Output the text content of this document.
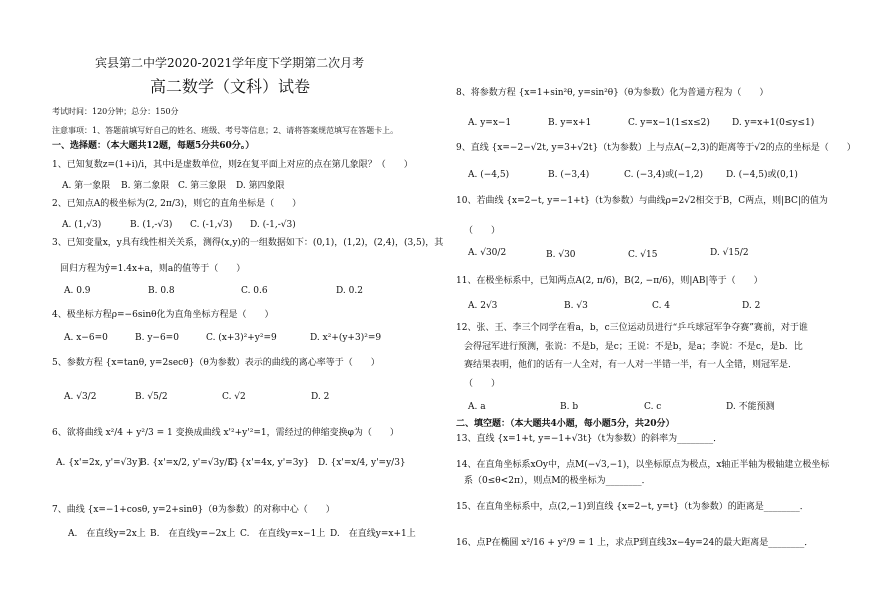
宾县第二中学2020-2021学年度下学期第二次月考
高二数学（文科）试卷
考试时间：120分钟；总分：150分
注意事项：1、答题前填写好自己的姓名、班级、考号等信息；2、请将答案规范填写在答题卡上。
一、选择题：（本大题共12题，每题5分共60分。）
1、已知复数z=(1+i)/i，其中i是虚数单位，则z̄在复平面上对应的点在第几象限？（　　）
A. 第一象限 B. 第二象限 C. 第三象限 D. 第四象限
2、已知点A的极坐标为(2, 2π/3)，则它的直角坐标是（　　）
A. (1,√3)	B. (1,-√3) C. (-1,√3) D. (-1,-√3)
3、已知变量x，y具有线性相关关系，测得(x,y)的一组数据如下：(0,1)，(1,2)，(2,4)，(3,5)，其
回归方程为ŷ=1.4x+a，则a的值等于（　　）
A. 0.9	B. 0.8	C. 0.6	D. 0.2
4、极坐标方程ρ=−6sinθ化为直角坐标方程是（　　）
A. x−6=0	B. y−6=0	C. (x+3)²+y²=9	D. x²+(y+3)²=9
5、参数方程 {x=tanθ, y=2secθ}（θ为参数）表示的曲线的离心率等于（　　）
A. √3/2	B. √5/2	C. √2	D. 2
6、欲将曲线 x²/4 + y²/3 = 1 变换成曲线 x'²+y'²=1，需经过的伸缩变换φ为（　　）
A. {x'=2x, y'=√3y}
B. {x'=x/2, y'=√3y/3}
C. {x'=4x, y'=3y} D. {x'=x/4, y'=y/3}
7、曲线 {x=−1+cosθ, y=2+sinθ}（θ为参数）的对称中心（　　）
A.　在直线y=2x上 B.　在直线y=−2x上 C.　在直线y=x−1上 D.　在直线y=x+1上
8、将参数方程 {x=1+sin²θ, y=sin²θ}（θ为参数）化为普通方程为（　　）
A. y=x−1	B. y=x+1	C. y=x−1(1≤x≤2) D. y=x+1(0≤y≤1)
9、直线 {x=−2−√2t, y=3+√2t}（t为参数）上与点A(−2,3)的距离等于√2的点的坐标是（　　）
A. (−4,5)	B. (−3,4)	C. (−3,4)或(−1,2)	D. (−4,5)或(0,1)
10、若曲线 {x=2−t, y=−1+t}（t为参数）与曲线ρ=2√2相交于B，C两点，则|BC|的值为
（　　）
A. √30/2	B. √30	C. √15	D. √15/2
11、在极坐标系中，已知两点A(2, π/6)，B(2, −π/6)，则|AB|等于（　　）
A. 2√3	B. √3	C. 4	D. 2
12、张、王、李三个同学在看a，b，c三位运动员进行“乒乓球冠军争夺赛”赛前，对于谁
会得冠军进行预测，张说：不是b，是c；王说：不是b，是a；李说：不是c，是b．比
赛结果表明，他们的话有一人全对，有一人对一半错一半，有一人全错，则冠军是．
（　　）
A. a	B. b	C. c	D. 不能预测
二、填空题：（本大题共4小题，每小题5分，共20分）
13、直线 {x=1+t, y=−1+√3t}（t为参数）的斜率为________．
14、在直角坐标系xOy中，点M(−√3,−1)，以坐标原点为极点，x轴正半轴为极轴建立极坐标
系（0≤θ<2π），则点M的极坐标为________．
15、在直角坐标系中，点(2,−1)到直线 {x=2−t, y=t}（t为参数）的距离是________．
16、点P在椭圆 x²/16 + y²/9 = 1 上，求点P到直线3x−4y=24的最大距离是________．
